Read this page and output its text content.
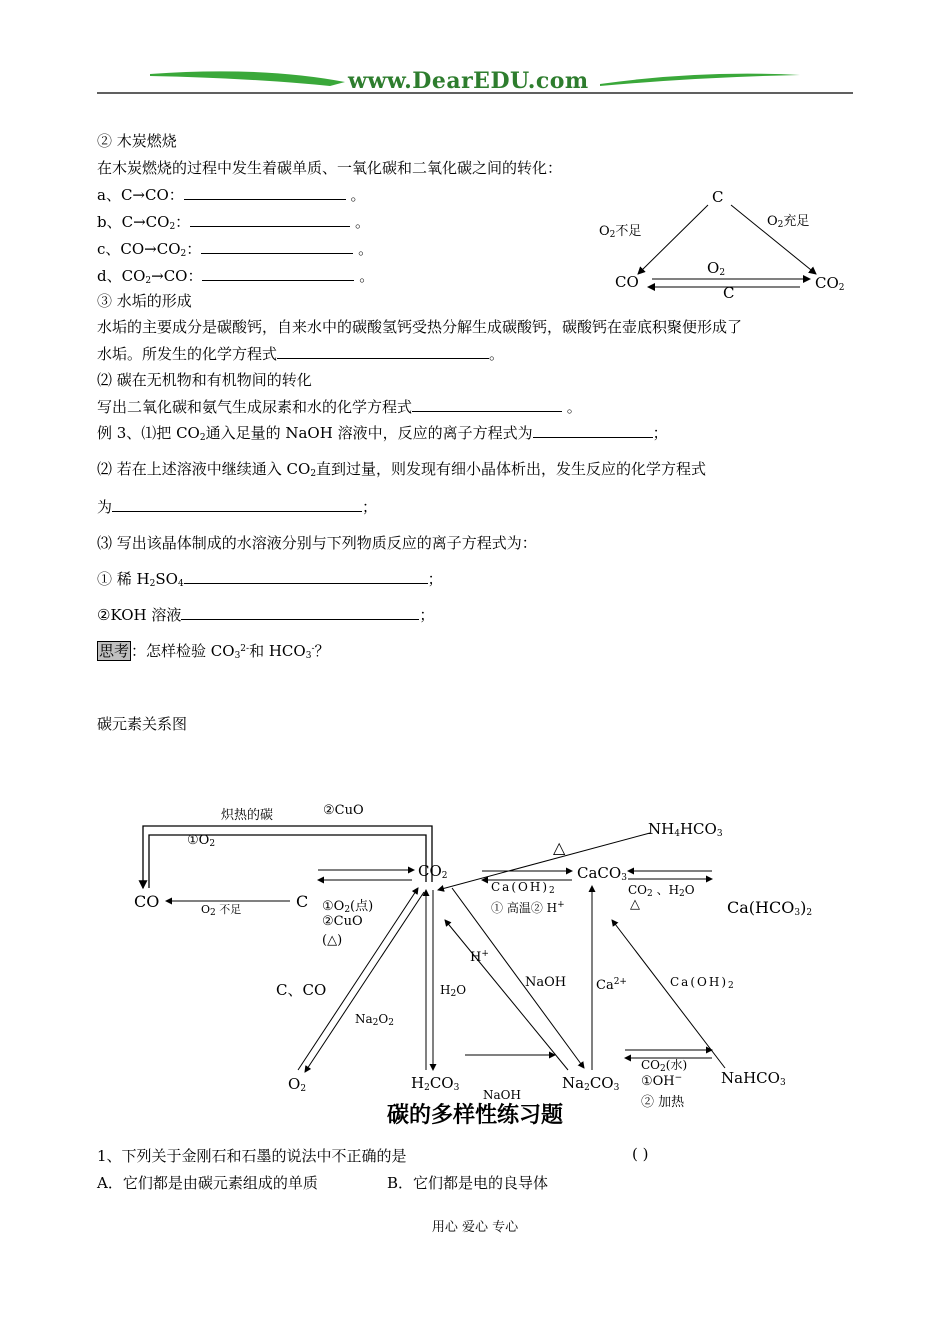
www.DearEDU.com
② 木炭燃烧
在木炭燃烧的过程中发生着碳单质、一氧化碳和二氧化碳之间的转化：
a、C→CO：	。
b、$C\to CO_2$：	。
c、$CO\to CO_2$：	。
d、$CO_2\to CO$：	。
C
CO	$CO_2$
$O_2$不足
$O_2$充足
$O_2$
C
③ 水垢的形成
水垢的主要成分是碳酸钙，自来水中的碳酸氢钙受热分解生成碳酸钙，碳酸钙在壶底积聚便形成了
水垢。所发生的化学方程式	。
⑵ 碳在无机物和有机物间的转化
写出二氧化碳和氨气生成尿素和水的化学方程式	。
例 3、⑴把 $CO_2$通入足量的 NaOH 溶液中，反应的离子方程式为	；
⑵ 若在上述溶液中继续通入 $CO_2$直到过量，则发现有细小晶体析出，发生反应的化学方程式
为	；
⑶ 写出该晶体制成的水溶液分别与下列物质反应的离子方程式为：
① 稀 $H_2SO_4$	；
②KOH 溶液	；
思考 ：怎样检验 $CO_3^{2-}$和 $HCO_3^-$？
碳元素关系图
CO	C
$CO_2$	CaCO$_3$
$NH_4HCO_3$
$Ca(HCO_3)_2$
$O_2$	$H_2CO_3$	$Na_2CO_3$
NaHCO$_3$
炽热的碳	②CuO
$①O_2$
$O_2$ 不足	$①O_2$(点)
②CuO
(△)
$Ca(OH)_2$
① 高温② H+
$CO_2$ 、$H_2O$
△
△
C、CO
$Na_2O_2$
$H_2O$
H+
NaOH
NaOH
$Ca^{2+}$	$Ca(OH)_2$
$CO_2$(水)
①OH−
② 加热
碳的多样性练习题
1、下列关于金刚石和石墨的说法中不正确的是	( )
A．它们都是由碳元素组成的单质	B．它们都是电的良导体
用心 爱心 专心
